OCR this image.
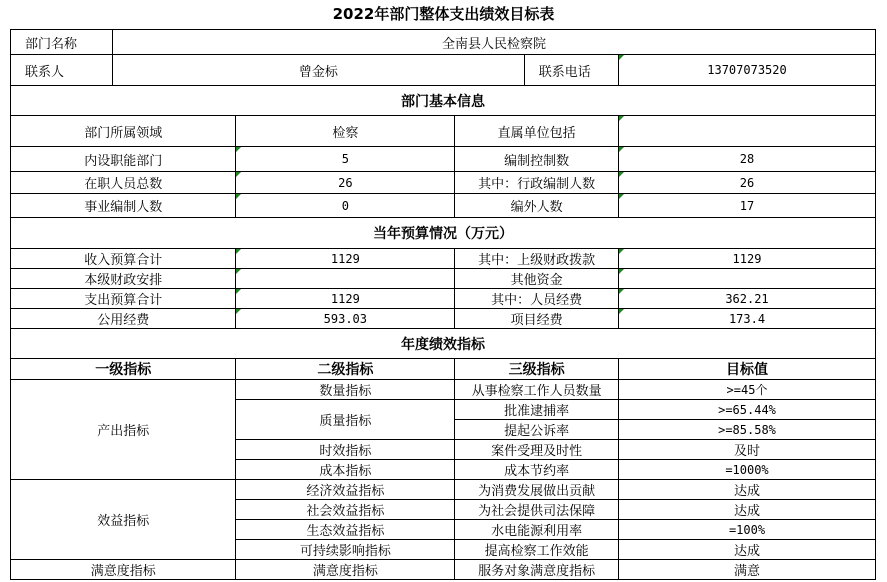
2022年部门整体支出绩效目标表
部门名称	全南县人民检察院				
联系人	曾金标			联系电话	13707073520
部门基本信息					
部门所属领域		检察	直属单位包括		
内设职能部门		5	编制控制数		28
在职人员总数		26	其中：行政编制人数		26
事业编制人数		0	编外人数		17
当年预算情况（万元）					
收入预算合计		1129	其中：上级财政拨款		1129
本级财政安排			其他资金		
支出预算合计		1129	其中：人员经费		362.21
公用经费		593.03	项目经费		173.4
年度绩效指标					
一级指标		二级指标	三级指标		目标值
产出指标		数量指标	从事检察工作人员数量		>=45个
		质量指标	批准逮捕率		>=65.44%
			提起公诉率		>=85.58%
		时效指标	案件受理及时性		及时
		成本指标	成本节约率		=1000%
效益指标		经济效益指标	为消费发展做出贡献		达成
		社会效益指标	为社会提供司法保障		达成
		生态效益指标	水电能源利用率		=100%
		可持续影响指标	提高检察工作效能		达成
满意度指标		满意度指标	服务对象满意度指标		满意
